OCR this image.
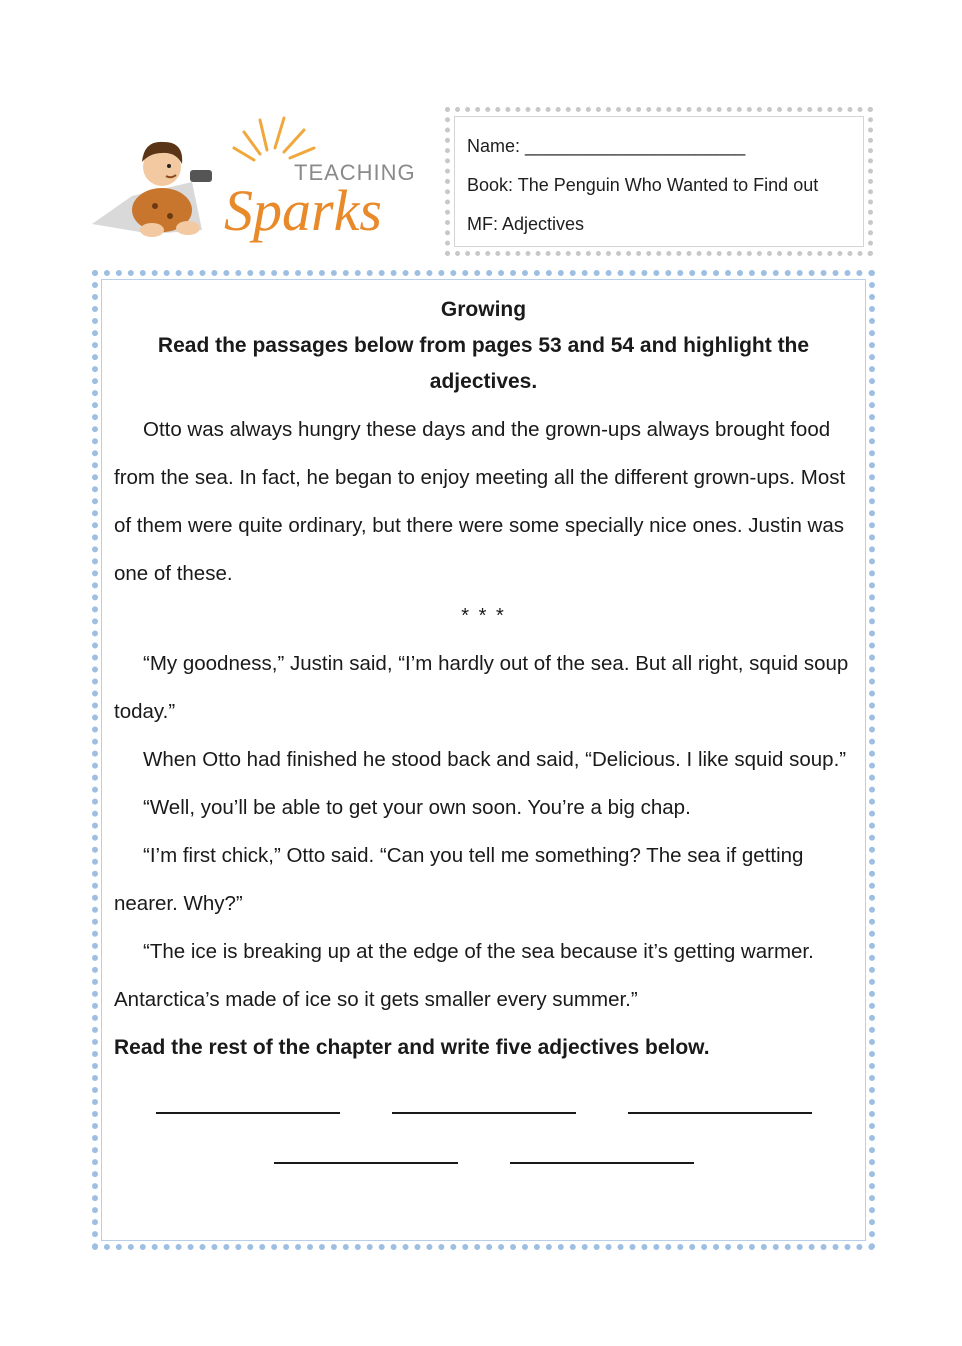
TEACHING
Sparks
Name: ______________________
Book: The Penguin Who Wanted to Find out
MF: Adjectives

Growing

Read the passages below from pages 53 and 54 and highlight the adjectives.

Otto was always hungry these days and the grown-ups always brought food from the sea. In fact, he began to enjoy meeting all the different grown-ups. Most of them were quite ordinary, but there were some specially nice ones. Justin was one of these.

* * *

“My goodness,” Justin said, “I’m hardly out of the sea. But all right, squid soup today.”

When Otto had finished he stood back and said, “Delicious. I like squid soup.”

“Well, you’ll be able to get your own soon. You’re a big chap.

“I’m first chick,” Otto said. “Can you tell me something? The sea if getting nearer. Why?”

“The ice is breaking up at the edge of the sea because it’s getting warmer. Antarctica’s made of ice so it gets smaller every summer.”

Read the rest of the chapter and write five adjectives below.
